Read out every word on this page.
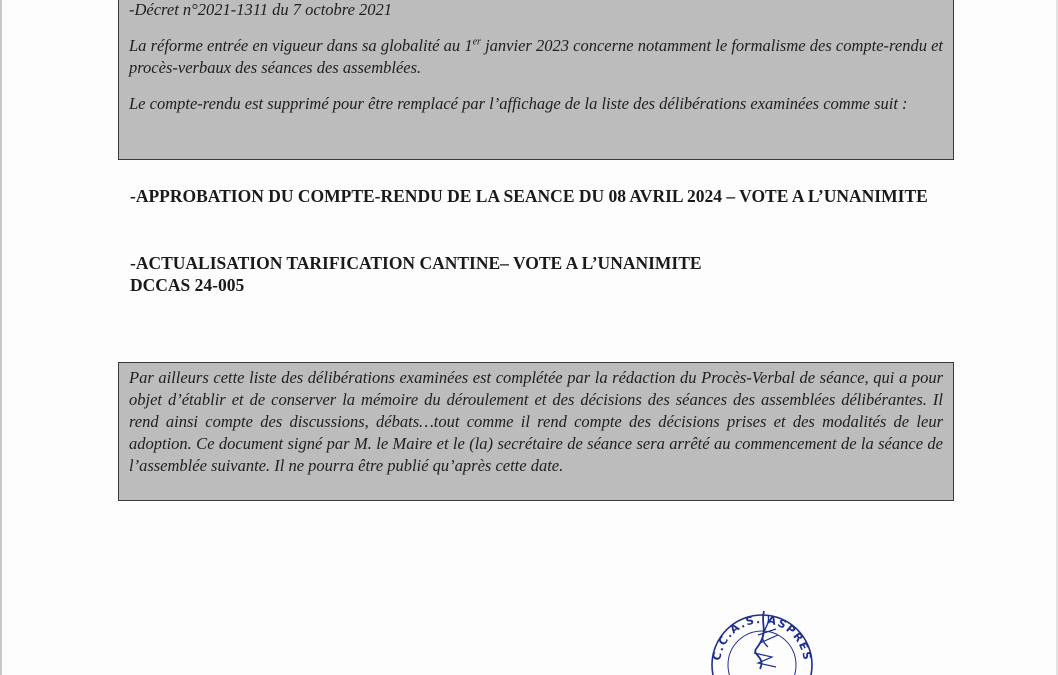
-Décret n°2021-1311 du 7 octobre 2021

La réforme entrée en vigueur dans sa globalité au 1er janvier 2023 concerne notamment le formalisme des compte-rendu et procès-verbaux des séances des assemblées.

Le compte-rendu est supprimé pour être remplacé par l’affichage de la liste des délibérations examinées comme suit :

-APPROBATION DU COMPTE-RENDU DE LA SEANCE DU 08 AVRIL 2024 – VOTE A L’UNANIMITE
-ACTUALISATION TARIFICATION CANTINE– VOTE A L’UNANIMITE
DCCAS 24-005

Par ailleurs cette liste des délibérations examinées est complétée par la rédaction du Procès-Verbal de séance, qui a pour objet d’établir et de conserver la mémoire du déroulement et des décisions des séances des assemblées délibérantes. Il rend ainsi compte des discussions, débats…tout comme il rend compte des décisions prises et des modalités de leur adoption. Ce document signé par M. le Maire et le (la) secrétaire de séance sera arrêté au commencement de la séance de l’assemblée suivante. Il ne pourra être publié qu’après cette date.

C.C.A.S. ASPRES
